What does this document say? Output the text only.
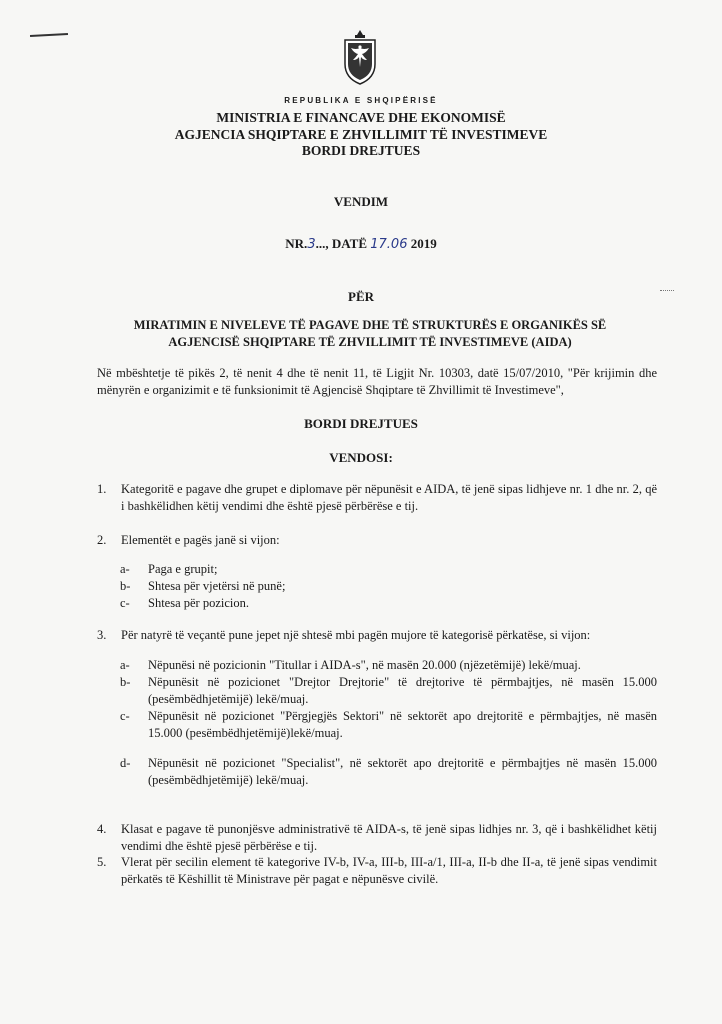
REPUBLIKA E SHQIPËRISË
MINISTRIA E FINANCAVE DHE EKONOMISË
AGJENCIA SHQIPTARE E ZHVILLIMIT TË INVESTIMEVE
BORDI DREJTUES
VENDIM
NR.3..., DATË 17.06 2019
PËR
MIRATIMIN E NIVELEVE TË PAGAVE DHE TË STRUKTURËS E ORGANIKËS SË AGJENCISË SHQIPTARE TË ZHVILLIMIT TË INVESTIMEVE (AIDA)
Në mbështetje të pikës 2, të nenit 4 dhe të nenit 11, të Ligjit Nr. 10303, datë 15/07/2010, "Për krijimin dhe mënyrën e organizimit e të funksionimit të Agjencisë Shqiptare të Zhvillimit të Investimeve",
BORDI DREJTUES
VENDOSI:
1. Kategoritë e pagave dhe grupet e diplomave për nëpunësit e AIDA, të jenë sipas lidhjeve nr. 1 dhe nr. 2, që i bashkëlidhen këtij vendimi dhe është pjesë përbërëse e tij.
2. Elementët e pagës janë si vijon:
a- Paga e grupit;
b- Shtesa për vjetërsi në punë;
c- Shtesa për pozicion.
3. Për natyrë të veçantë pune jepet një shtesë mbi pagën mujore të kategorisë përkatëse, si vijon:
a- Nëpunësi në pozicionin "Titullar i AIDA-s", në masën 20.000 (njëzetëmijë) lekë/muaj.
b- Nëpunësit në pozicionet "Drejtor Drejtorie" të drejtorive të përmbajtjes, në masën 15.000 (pesëmbëdhjetëmijë) lekë/muaj.
c- Nëpunësit në pozicionet "Përgjegjës Sektori" në sektorët apo drejtoritë e përmbajtjes, në masën 15.000 (pesëmbëdhjetëmijë)lekë/muaj.
d- Nëpunësit në pozicionet "Specialist", në sektorët apo drejtoritë e përmbajtjes në masën 15.000 (pesëmbëdhjetëmijë) lekë/muaj.
4. Klasat e pagave të punonjësve administrativë të AIDA-s, të jenë sipas lidhjes nr. 3, që i bashkëlidhet këtij vendimi dhe është pjesë përbërëse e tij.
5. Vlerat për secilin element të kategorive IV-b, IV-a, III-b, III-a/1, III-a, II-b dhe II-a, të jenë sipas vendimit përkatës të Këshillit të Ministrave për pagat e nëpunësve civilë.
